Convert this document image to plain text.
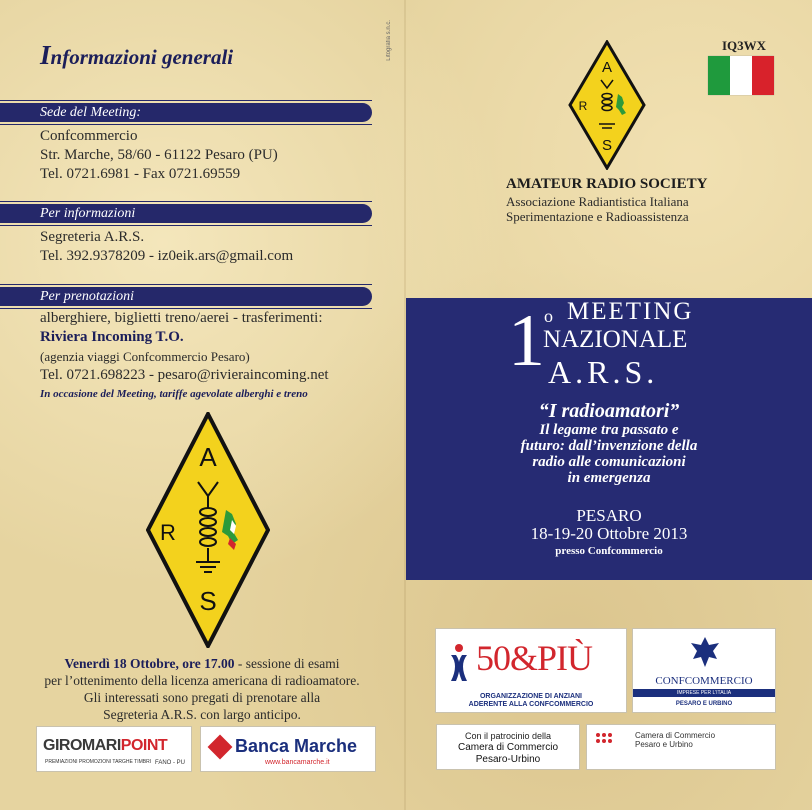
Litografia s.n.c.
Informazioni generali
Sede del Meeting:
Confcommercio
Str. Marche, 58/60 - 61122 Pesaro (PU)
Tel. 0721.6981 - Fax 0721.69559
Per informazioni
Segreteria A.R.S.
Tel. 392.9378209 - iz0eik.ars@gmail.com
Per prenotazioni
alberghiere, biglietti treno/aerei - trasferimenti:
Riviera Incoming T.O.
(agenzia viaggi Confcommercio Pesaro)
Tel. 0721.698223 - pesaro@rivieraincoming.net
In occasione del Meeting, tariffe agevolate alberghi e treno
A
R
S
Venerdì 18 Ottobre, ore 17.00 - sessione di esami
per l’ottenimento della licenza americana di radioamatore.
Gli interessati sono pregati di prenotare alla
Segreteria A.R.S. con largo anticipo.
GIROMARIPOINT
PREMIAZIONI PROMOZIONI TARGHE TIMBRI FANO - PU
Banca Marche
www.bancamarche.it
IQ3WX
A
R
S
AMATEUR RADIO SOCIETY
Associazione Radiantistica Italiana
Sperimentazione e Radioassistenza
1 o MEETING
NAZIONALE
A.R.S.
“I radioamatori”
Il legame tra passato e
futuro: dall’invenzione della
radio alle comunicazioni
in emergenza
PESARO
18-19-20 Ottobre 2013
presso Confcommercio
50&PIÙ
ORGANIZZAZIONE DI ANZIANI
ADERENTE ALLA CONFCOMMERCIO
CONFCOMMERCIO
IMPRESE PER L’ITALIA
PESARO E URBINO
Con il patrocinio della
Camera di Commercio
Pesaro-Urbino
Camera di Commercio
Pesaro e Urbino
